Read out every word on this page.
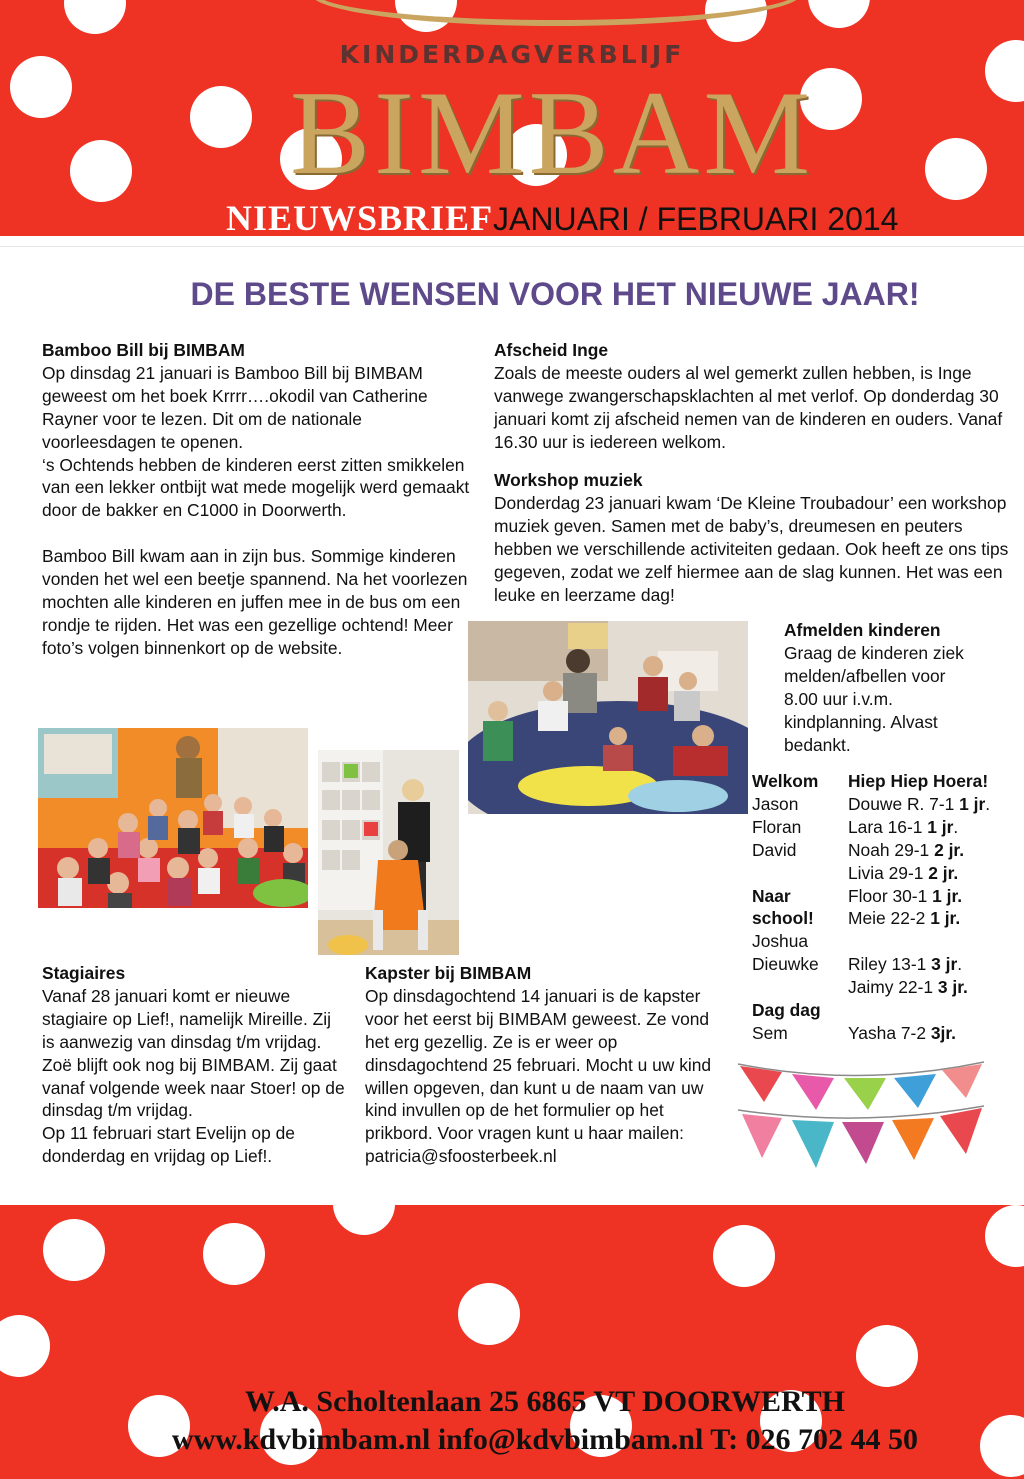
KINDERDAGVERBLIJF
BIMBAM
NIEUWSBRIEF JANUARI / FEBRUARI 2014
DE BESTE WENSEN VOOR HET NIEUWE JAAR!
Bamboo Bill bij BIMBAM

Op dinsdag 21 januari is Bamboo Bill bij BIMBAM geweest om het boek Krrrr….okodil van Catherine Rayner voor te lezen. Dit om de nationale voorleesdagen te openen.

‘s Ochtends hebben de kinderen eerst zitten smikkelen van een lekker ontbijt wat mede mogelijk werd gemaakt door de bakker en C1000 in Doorwerth.

Bamboo Bill kwam aan in zijn bus. Sommige kinderen vonden het wel een beetje spannend. Na het voorlezen mochten alle kinderen en juffen mee in de bus om een rondje te rijden. Het was een gezellige ochtend! Meer foto’s volgen binnenkort op de website.

Afscheid Inge

Zoals de meeste ouders al wel gemerkt zullen hebben, is Inge vanwege zwangerschapsklachten al met verlof. Op donderdag 30 januari komt zij afscheid nemen van de kinderen en ouders. Vanaf 16.30 uur is iedereen welkom.

Workshop muziek

Donderdag 23 januari kwam ‘De Kleine Troubadour’ een workshop muziek geven. Samen met de baby’s, dreumesen en peuters hebben we verschillende activiteiten gedaan. Ook heeft ze ons tips gegeven, zodat we zelf hiermee aan de slag kunnen. Het was een leuke en leerzame dag!

Afmelden kinderen

Graag de kinderen ziek melden/afbellen voor 8.00 uur i.v.m. kindplanning. Alvast bedankt.

Welkom
Jason
Floran
David

Naar
school!
Joshua
Dieuwke

Dag dag
Sem
Hiep Hiep Hoera!
Douwe R. 7-1 1 jr.
Lara 16-1 1 jr.
Noah 29-1 2 jr.
Livia 29-1 2 jr.
Floor 30-1 1 jr.
Meie 22-2 1 jr.

Riley 13-1 3 jr.
Jaimy 22-1 3 jr.

Yasha 7-2 3jr.
Stagiaires

Vanaf 28 januari komt er nieuwe stagiaire op Lief!, namelijk Mireille. Zij is aanwezig van dinsdag t/m vrijdag. Zoë blijft ook nog bij BIMBAM. Zij gaat vanaf volgende week naar Stoer! op de dinsdag t/m vrijdag.

Op 11 februari start Evelijn op de donderdag en vrijdag op Lief!.

Kapster bij BIMBAM

Op dinsdagochtend 14 januari is de kapster voor het eerst bij BIMBAM geweest. Ze vond het erg gezellig. Ze is er weer op dinsdagochtend 25 februari. Mocht u uw kind willen opgeven, dan kunt u de naam van uw kind invullen op de het formulier op het prikbord. Voor vragen kunt u haar mailen:

patricia@sfoosterbeek.nl

W.A. Scholtenlaan 25 6865 VT DOORWERTH
www.kdvbimbam.nl info@kdvbimbam.nl T: 026 702 44 50
